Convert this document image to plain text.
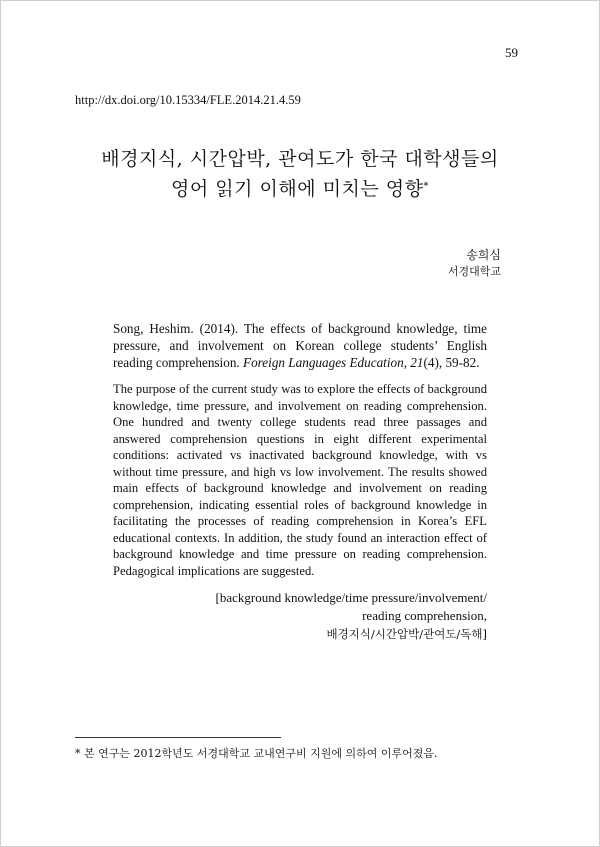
59
http://dx.doi.org/10.15334/FLE.2014.21.4.59
배경지식, 시간압박, 관여도가 한국 대학생들의
영어 읽기 이해에 미치는 영향*
송희심
서경대학교
Song, Heshim. (2014). The effects of background knowledge, time pressure, and involvement on Korean college students’ English reading comprehension. Foreign Languages Education, 21(4), 59-82.
The purpose of the current study was to explore the effects of background knowledge, time pressure, and involvement on reading comprehension. One hundred and twenty college students read three passages and answered comprehension questions in eight different experimental conditions: activated vs inactivated background knowledge, with vs without time pressure, and high vs low involvement. The results showed main effects of background knowledge and involvement on reading comprehension, indicating essential roles of background knowledge in facilitating the processes of reading comprehension in Korea’s EFL educational contexts. In addition, the study found an interaction effect of background knowledge and time pressure on reading comprehension. Pedagogical implications are suggested.
[background knowledge/time pressure/involvement/
reading comprehension,
배경지식/시간압박/관여도/독해]
* 본 연구는 2012학년도 서경대학교 교내연구비 지원에 의하여 이루어졌음.
